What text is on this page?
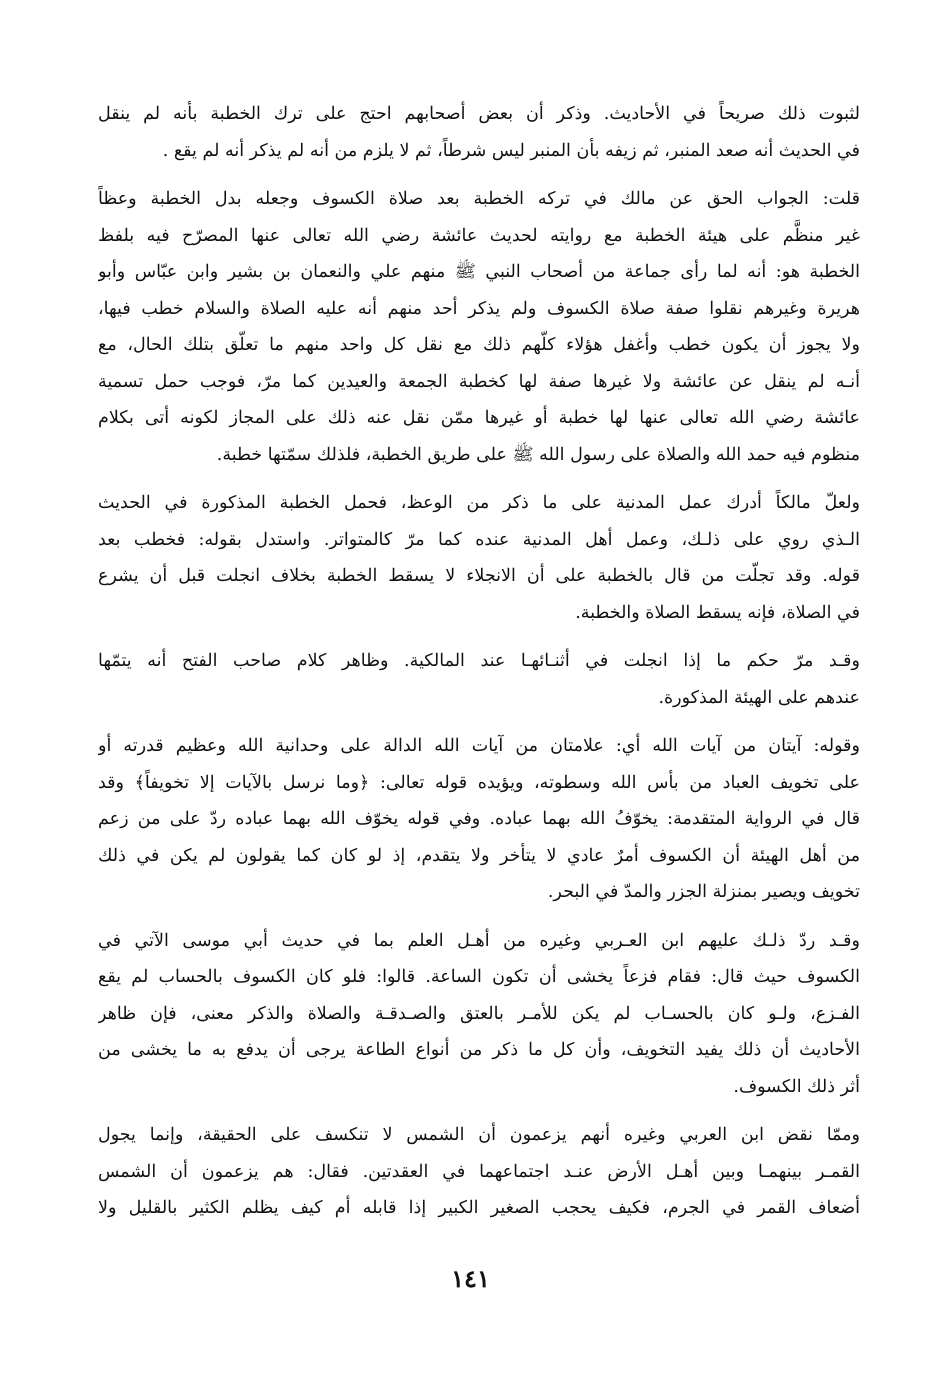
لثبوت ذلك صريحاً في الأحاديث. وذكر أن بعض أصحابهم احتج على ترك الخطبة بأنه لم ينقل
في الحديث أنه صعد المنبر، ثم زيفه بأن المنبر ليس شرطاً، ثم لا يلزم من أنه لم يذكر أنه لم يقع .
قلت: الجواب الحق عن مالك في تركه الخطبة بعد صلاة الكسوف وجعله بدل الخطبة وعظاً
غير منظَّم على هيئة الخطبة مع روايته لحديث عائشة رضي الله تعالى عنها المصرّح فيه بلفظ
الخطبة هو: أنه لما رأى جماعة من أصحاب النبي ﷺ منهم علي والنعمان بن بشير وابن عبّاس وأبو
هريرة وغيرهم نقلوا صفة صلاة الكسوف ولم يذكر أحد منهم أنه عليه الصلاة والسلام خطب فيها،
ولا يجوز أن يكون خطب وأغفل هؤلاء كلّهم ذلك مع نقل كل واحد منهم ما تعلّق بتلك الحال، مع
أنـه لم ينقل عن عائشة ولا غيرها صفة لها كخطبة الجمعة والعيدين كما مرّ، فوجب حمل تسمية
عائشة رضي الله تعالى عنها لها خطبة أو غيرها ممّن نقل عنه ذلك على المجاز لكونه أتى بكلام
منظوم فيه حمد الله والصلاة على رسول الله ﷺ على طريق الخطبة، فلذلك سمّتها خطبة.
ولعلّ مالكاً أدرك عمل المدنية على ما ذكر من الوعظ، فحمل الخطبة المذكورة في الحديث
الـذي روي على ذلـك، وعمل أهل المدنية عنده كما مرّ كالمتواتر. واستدل بقوله: فخطب بعد
قوله. وقد تجلّت من قال بالخطبة على أن الانجلاء لا يسقط الخطبة بخلاف انجلت قبل أن يشرع
في الصلاة، فإنه يسقط الصلاة والخطبة.
وقـد مرّ حكم ما إذا انجلت في أثنـائهـا عند المالكية. وظاهر كلام صاحب الفتح أنه يتمّها
عندهم على الهيئة المذكورة.
وقوله: آيتان من آيات الله أي: علامتان من آيات الله الدالة على وحدانية الله وعظيم قدرته أو
على تخويف العباد من بأس الله وسطوته، ويؤيده قوله تعالى: ﴿وما نرسل بالآيات إلا تخويفاً﴾ وقد
قال في الرواية المتقدمة: يخوّفُ الله بهما عباده. وفي قوله يخوّف الله بهما عباده ردّ على من زعم
من أهل الهيئة أن الكسوف أمرٌ عادي لا يتأخر ولا يتقدم، إذ لو كان كما يقولون لم يكن في ذلك
تخويف ويصير بمنزلة الجزر والمدّ في البحر.
وقـد ردّ ذلـك عليهم ابن العـربي وغيره من أهـل العلم بما في حديث أبي موسى الآتي في
الكسوف حيث قال: فقام فزعاً يخشى أن تكون الساعة. قالوا: فلو كان الكسوف بالحساب لم يقع
الفـزع، ولـو كان بالحسـاب لم يكن للأمـر بالعتق والصـدقـة والصلاة والذكر معنى، فإن ظاهر
الأحاديث أن ذلك يفيد التخويف، وأن كل ما ذكر من أنواع الطاعة يرجى أن يدفع به ما يخشى من
أثر ذلك الكسوف.
وممّا نقض ابن العربي وغيره أنهم يزعمون أن الشمس لا تنكسف على الحقيقة، وإنما يجول
القمـر بينهمـا وبين أهـل الأرض عنـد اجتماعهما في العقدتين. فقال: هم يزعمون أن الشمس
أضعاف القمر في الجرم، فكيف يحجب الصغير الكبير إذا قابله أم كيف يظلم الكثير بالقليل ولا
١٤١
